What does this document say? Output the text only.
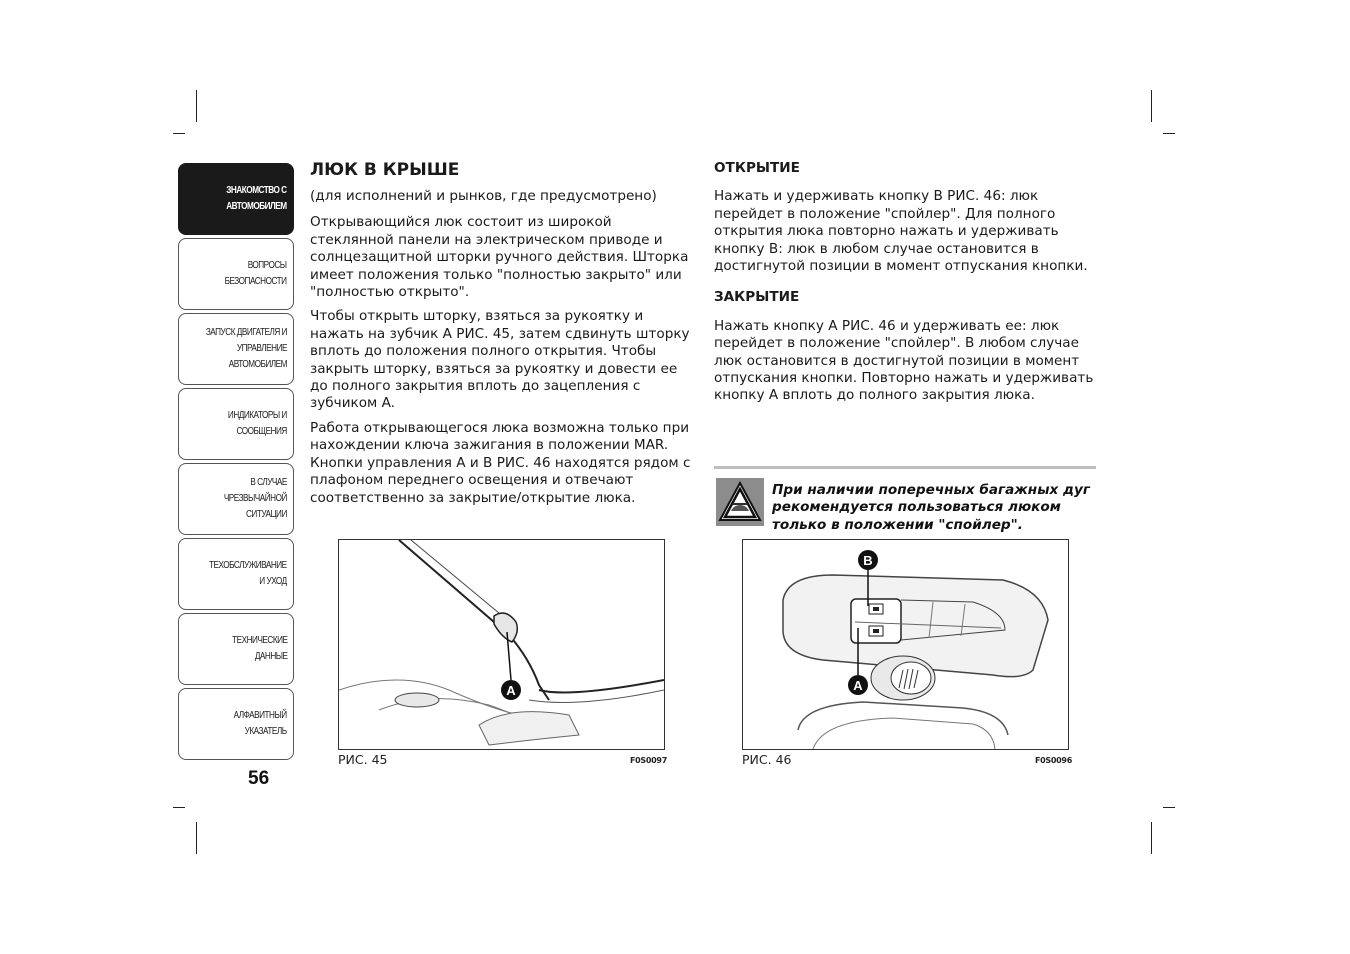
ЗНАКОМСТВО С
АВТОМОБИЛЕМ
ВОПРОСЫ
БЕЗОПАСНОСТИ
ЗАПУСК ДВИГАТЕЛЯ И
УПРАВЛЕНИЕ
АВТОМОБИЛЕМ
ИНДИКАТОРЫ И
СООБЩЕНИЯ
В СЛУЧАЕ
ЧРЕЗВЫЧАЙНОЙ
СИТУАЦИИ
ТЕХОБСЛУЖИВАНИЕ
И УХОД
ТЕХНИЧЕСКИЕ
ДАННЫЕ
АЛФАВИТНЫЙ
УКАЗАТЕЛЬ
56

ЛЮК В КРЫШЕ

(для исполнений и рынков, где предусмотрено)

Открывающийся люк состоит из широкой стеклянной панели на электрическом приводе и солнцезащитной шторки ручного действия. Шторка имеет положения только "полностью закрыто" или "полностью открыто".

Чтобы открыть шторку, взяться за рукоятку и нажать на зубчик A РИС. 45, затем сдвинуть шторку вплоть до положения полного открытия. Чтобы закрыть шторку, взяться за рукоятку и довести ее до полного закрытия вплоть до зацепления с зубчиком A.

Работа открывающегося люка возможна только при нахождении ключа зажигания в положении MAR. Кнопки управления A и B РИС. 46 находятся рядом с плафоном переднего освещения и отвечают соответственно за закрытие/открытие люка.

ОТКРЫТИЕ

Нажать и удерживать кнопку B РИС. 46: люк перейдет в положение "спойлер". Для полного открытия люка повторно нажать и удерживать кнопку B: люк в любом случае остановится в достигнутой позиции в момент отпускания кнопки.

ЗАКРЫТИЕ

Нажать кнопку A РИС. 46 и удерживать ее: люк перейдет в положение "спойлер". В любом случае люк остановится в достигнутой позиции в момент отпускания кнопки. Повторно нажать и удерживать кнопку A вплоть до полного закрытия люка.

При наличии поперечных багажных дуг рекомендуется пользоваться люком только в положении "спойлер".
A
РИС. 45	F0S0097
B
A
РИС. 46	F0S0096
